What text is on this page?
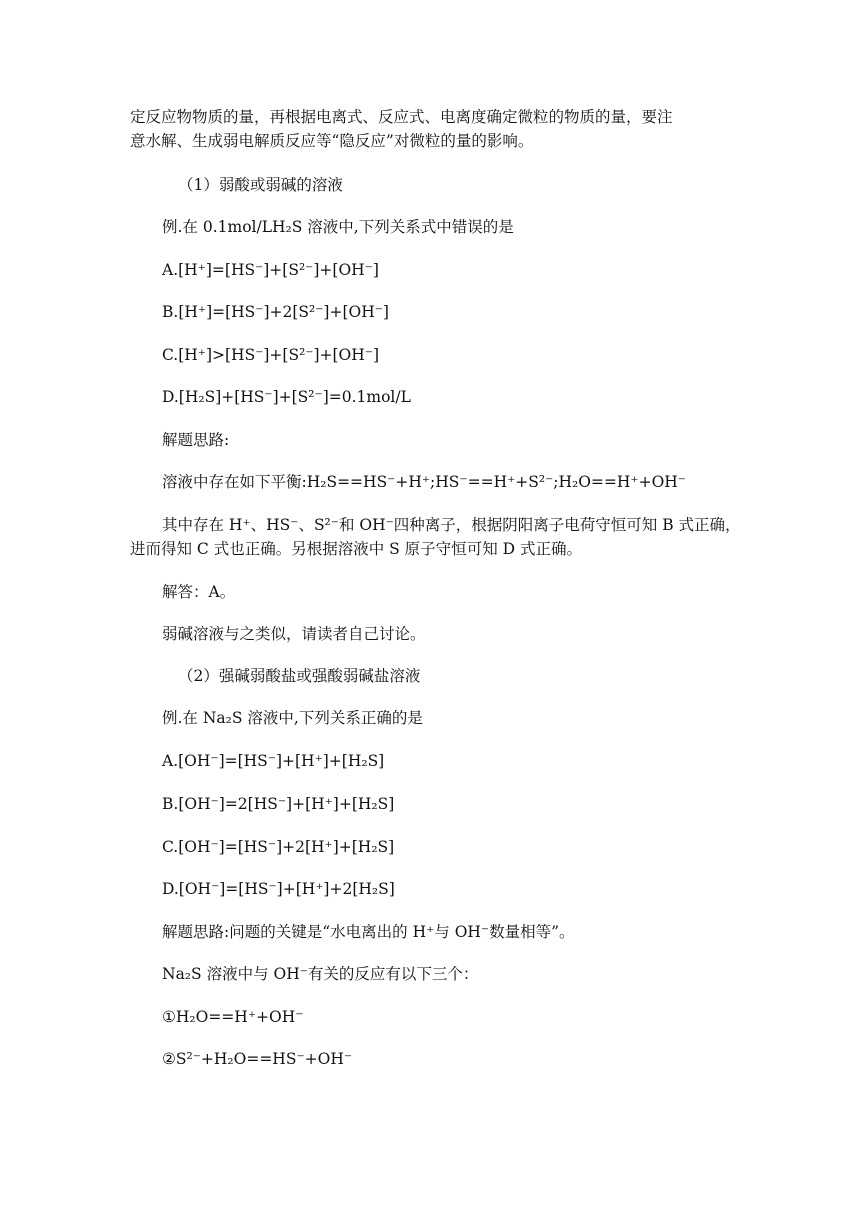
定反应物物质的量，再根据电离式、反应式、电离度确定微粒的物质的量，要注
意水解、生成弱电解质反应等“隐反应”对微粒的量的影响。
（1）弱酸或弱碱的溶液
例.在 0.1mol/LH₂S 溶液中,下列关系式中错误的是
A.[H⁺]=[HS⁻]+[S²⁻]+[OH⁻]
B.[H⁺]=[HS⁻]+2[S²⁻]+[OH⁻]
C.[H⁺]>[HS⁻]+[S²⁻]+[OH⁻]
D.[H₂S]+[HS⁻]+[S²⁻]=0.1mol/L
解题思路:
溶液中存在如下平衡:H₂S==HS⁻+H⁺;HS⁻==H⁺+S²⁻;H₂O==H⁺+OH⁻
其中存在 H⁺、HS⁻、S²⁻和 OH⁻四种离子，根据阴阳离子电荷守恒可知 B 式正确，
进而得知 C 式也正确。另根据溶液中 S 原子守恒可知 D 式正确。
解答：A。
弱碱溶液与之类似，请读者自己讨论。
（2）强碱弱酸盐或强酸弱碱盐溶液
例.在 Na₂S 溶液中,下列关系正确的是
A.[OH⁻]=[HS⁻]+[H⁺]+[H₂S]
B.[OH⁻]=2[HS⁻]+[H⁺]+[H₂S]
C.[OH⁻]=[HS⁻]+2[H⁺]+[H₂S]
D.[OH⁻]=[HS⁻]+[H⁺]+2[H₂S]
解题思路:问题的关键是“水电离出的 H⁺与 OH⁻数量相等”。
Na₂S 溶液中与 OH⁻有关的反应有以下三个：
①H₂O==H⁺+OH⁻
②S²⁻+H₂O==HS⁻+OH⁻
